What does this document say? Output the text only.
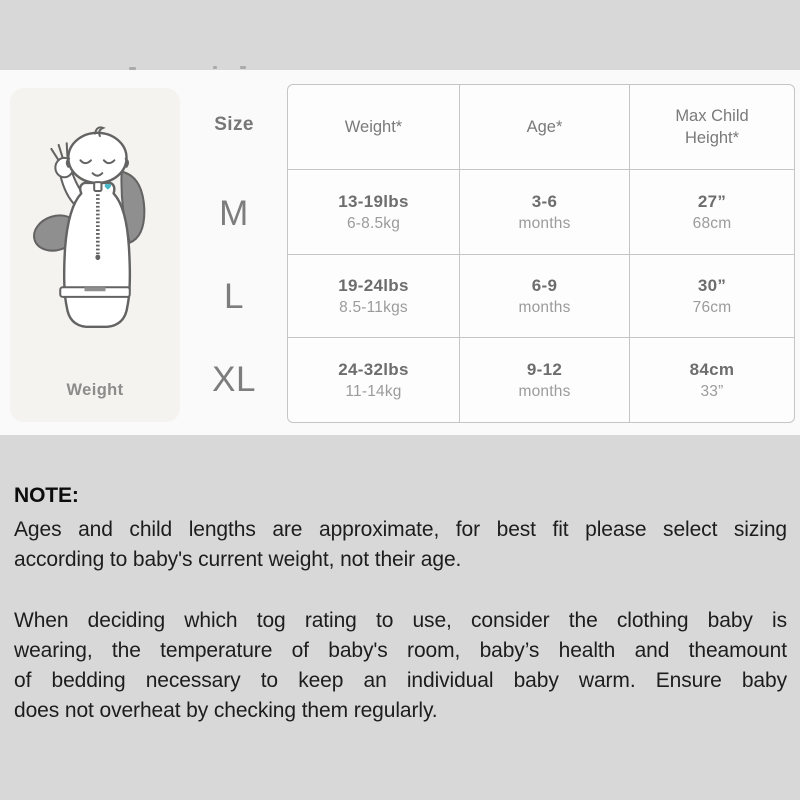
Weight
Size
M
L
XL
Weight*	Age*
Max Child Height*
13-19lbs
6-8.5kg
3-6
months
27”
68cm
19-24lbs
8.5-11kgs
6-9
months
30”
76cm
24-32lbs
11-14kg
9-12
months
84cm
33”
NOTE:
Ages and child lengths are approximate, for best fit please select sizing
according to baby's current weight, not their age.
When deciding which tog rating to use, consider the clothing baby is
wearing, the temperature of baby's room, baby’s health and theamount
of bedding necessary to keep an individual baby warm. Ensure baby
does not overheat by checking them regularly.
